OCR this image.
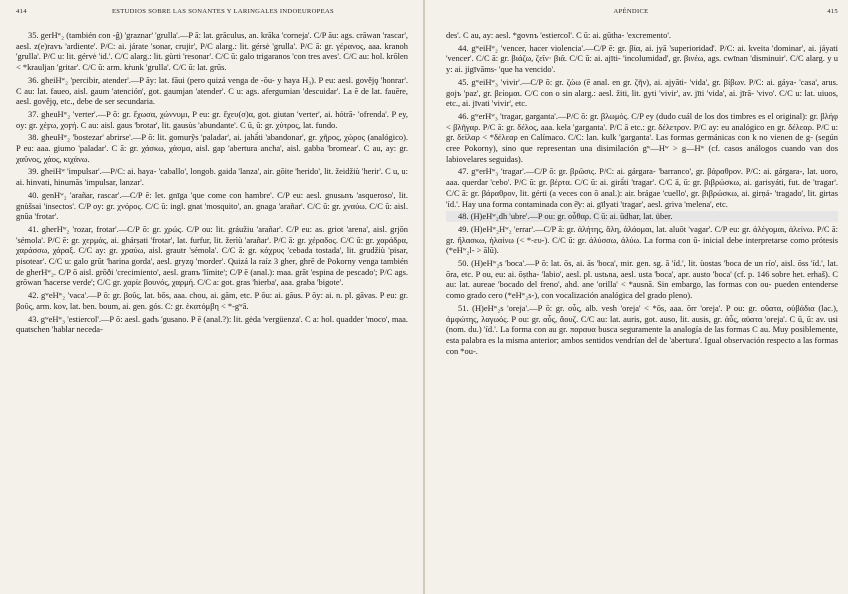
414	ESTUDIOS SOBRE LAS SONANTES Y LARINGALES INDOEUROPEAS

35. gerHʷ₂ (también con -ĝ) 'graznar' 'grulla'.—P ā: lat. grăculus, an. krāka 'corneja'. C/P āu: ags. crāwan 'rascar', aesl. z(e)ravъ 'ardiente'. P/C: ai. járate 'sonar, crujir', P/C alarg.: lit. gérsė 'grulla'. P/C ā: gr. γέρανος, aaa. kranoh 'grulla'. P/C u: lit. gérvė 'id.'. C/C alarg.: lit. gùrti 'resonar'. C/C ū: galo trigaranos 'con tres aves'. C/C au: hol. krōlen < *krauljan 'gritar'. C/C ū: arm. kṙunk 'grulla'. C/C ū: lat. grūs.

36. gheiHʷ₂ 'percibir, atender'.—P āy: lat. fāui (pero quizá venga de -ōu- y haya H₃). P eu: aesl. govějǫ 'honrar'. C au: lat. faueo, aisl. gaum 'atención', got. gaumjan 'atender'. C u: ags. afergumian 'descuidar'. La ē de lat. fauēre, aesl. govějǫ, etc., debe de ser secundaria.

37. gheuHʷ₂ 'verter'.—P ō: gr. ἔχωσα, χώννυμι, P eu: gr. ἔχευ(σ)α, got. giutan 'verter', ai. hótrā- 'ofrenda'. P ey, oy: gr. χέϝω, χοϝή. C au: aisl. gaus 'brotar', lit. gausùs 'abundante'. C ū, ū: gr. χύτρος, lat. fundo.

38. gheuHʷ₂ 'bostezar' abrirse'.—P ō: lit. gomurỹs 'paladar', ai. jahā́ti 'abandonar', gr. χῆρος, χώρος (analógico). P eu: aaa. giumo 'paladar'. C ā: gr. χάσκω, χάσμα, aisl. gap 'abertura ancha', aisl. gabba 'bromear'. C au, ay: gr. χαῦνος, χάος, κιχάνω.

39. gheiHʷ 'impulsar'.—P/C: ai. haya- 'caballo', longob. gaida 'lanza', air. gōite 'herido', lit. žeidžiù 'herir'. C u, u: ai. hinvati, hinumās 'impulsar, lanzar'.

40. genHʷ₂ 'arañar, rascar'.—C/P ē: let. gnīga 'que come con hambre'. C/P eu: aesl. gnusьnъ 'asqueroso', lit. gnùšsai 'insectos'. C/P oy: gr. χνόρος. C/C ū: ingl. gnat 'mosquito', an. gnaga 'arañar'. C/C ū: gr. χναύω. C/C ū: aisl. gnūa 'frotar'.

41. gherHʷ₂ 'rozar, frotar'.—C/P ō: gr. χρώς. C/P ou: lit. gráužiu 'arañar'. C/P eu: as. griot 'arena', aisl. grjōn 'sémola'. P/C ē: gr. χερμάς, ai. ghárṣati 'frotar', lat. furfur, lit. žerìù 'arañar'. P/C ā: gr. χέραδος. C/C ū: gr. χαράδρα, χαράσσω, χάραξ. C/C ay: gr. χραύω, aisl. grautr 'sémola'. C/C ā: gr. κάχρυς 'cebada tostada', lit. grudžiù 'pisar, pisotear'. C/C u: galo grūt 'harina gorda', aesl. gryzǫ 'morder'. Quizá la raíz 3 gher, ghrē de Pokorny venga también de gherHʷ₂. C/P ō aisl. grōði 'crecimiento', aesl. granъ 'límite'; C/P ē (anal.): maa. grāt 'espina de pescado'; P/C ags. grōwan 'hacerse verde'; C/C gr. χαρίε βουνός, χαρμή. C/C a: got. gras 'hierba', aaa. graba 'bigote'.

42. gʷeHʷ₂ 'vaca'.—P ō: gr. βοῦς, lat. bōs, aaa. chou, ai. gām, etc. P ōu: ai. gāus. P ōy: ai. n. pl. gāvas. P eu: gr. βοῦς, arm. kov, lat. ben. boum, ai. gen. gós. C: gr. ἑκατόμβη < *-gʷā.

43. gʷeHʷ₃ 'estiercol'.—P ō: aesl. gadъ 'gusano. P ē (anal.?): lit. gėda 'vergüenza'. C a: hol. quadder 'moco', maa. quatschen 'hablar neceda-

APÉNDICE	415

des'. C au, ay: aesl. *govnъ 'estiercol'. C ū: ai. gūtha- 'excremento'.

44. gʷeiHʷ₂ 'vencer, hacer violencia'.—C/P ē: gr. βία, ai. jyā 'superioridad'. P/C: ai. kveita 'dominar', ai. jáyati 'vencer'. C/C ā: gr. βιάζω, ζεῖν· βιᾶ. C/C ū: ai. ajīti- 'incolumidad', gr. βινέω, ags. cwīnan 'disminuir'. C/C alarg. y u y: ai. jigīvāms- 'que ha vencido'.

45. gʷeiHʷ₃ 'vivir'.—C/P ō: gr. ζώω (ē anal. en gr. ζῆν), ai. ajyāti- 'vida', gr. βίβωv. P/C: ai. gáya- 'casa', arus. gojъ 'paz', gr. βείομαι. C/C con o sin alarg.: aesl. žiti, lit. gyti 'vivir', av. jīti 'vida', ai. jīrā- 'vivo'. C/C u: lat. uiuos, etc., ai. jīvati 'vivir', etc.

46. gʷerHʷ₃ 'tragar, garganta'.—P/C ō: gr. βλωμός. C/P ey (dudo cuál de los dos timbres es el original): gr. βλήφ < βλῆγαρ. P/C ā: gr. δέλος, aaa. kela 'garganta'. P/C ā etc.: gr. δέλετρον. P/C ay: eu analógico en gr. δέλεαρ. P/C u: gr. δείλαρ < *δέλεαρ en Calímaco. C/C: lan. kulk 'garganta'. Las formas germánicas con k no vienen de g- (según cree Pokorny), sino que representan una disimilación gʷ—Hʷ > g—Hʷ (cf. casos análogos cuando van dos labiovelares seguidas).

47. gʷerHʷ₃ 'tragar'.—C/P ō: gr. βρῶσις. P/C: ai. gárgara- 'barranco', gr. βάραθρον. P/C: ai. gárgara-, lat. uoro, aaa. querdar 'cebo'. P/C ū: gr. βέρτα. C/C ū: ai. girā́ti 'tragar'. C/C ā, ū: gr. βιβρώσκω, ai. garisyáti, fut. de 'tragar'. C/C ā: gr. βάραθρον, lit. gérti (a veces con ō anal.): air. brágae 'cuello', gr. βιβρώσκω, ai. girṇá- 'tragado', lit. girtas 'íd.'. Hay una forma contaminada con ē̆y: ai. gīlyati 'tragar', aesl. griva 'melena', etc.

48. (H)eHʷ₂dh 'ubre'.—P ou: gr. οὖθαρ. C ū: ai. ūdhar, lat. über.

49. (H)eHʷ₂Hʷ₂ 'errar'.—C/P ā: gr. ἀλήτης, ἄλη, ἀλάομαι, lat. aluōt 'vagar'. C/P eu: gr. ἀλέγομαι, ἀλείνω. P/C ā: gr. ἤλασκω, ἠλαίνω (< *-ευ-). C/C ū: gr. ἀλύσσω, ἀλύω. La forma con ū- inicial debe interpretarse como prótesis (*eHʷ₂l- > ālū).

50. (H)eHʷ₂s 'boca'.—P ō: lat. ōs, ai. ās 'boca', mir. gen. sg. ā 'íd.', lit. ùostas 'boca de un río', aisl. ōss 'íd.', lat. ōra, etc. P ou, eu: ai. ōṣtha- 'labio', aesl. pl. ustьna, aesl. usta 'boca', apr. austo 'boca' (cf. p. 146 sobre het. erhaš). C au: lat. aureae 'bocado del freno', ahd. ane 'orilla' < *ausnā. Sin embargo, las formas con ou- pueden entenderse como grado cero (*eHʷ₂s-), con vocalización analógica del grado pleno).

51. (H)eHʷ₂s 'oreja'.—P ō: gr. οὖς, alb. vesh 'oreja' < *ōs, aaa. ōrr 'oreja'. P ou: gr. οὔατα, οὐβάδια (lac.), ἀμφώτης, λαγωός. P ou: gr. αὖς, ἄουζ. C/C au: lat. auris, got. auso, lit. ausis, gr. ἀὖς, αὐατα 'oreja'. C ū, ū: av. usi (nom. du.) 'íd.'. La forma con au gr. παραυα busca seguramente la analogía de las formas C au. Muy posiblemente, esta palabra es la misma anterior; ambos sentidos vendrían del de 'abertura'. Igual observación respecto a las formas con *ou-.
